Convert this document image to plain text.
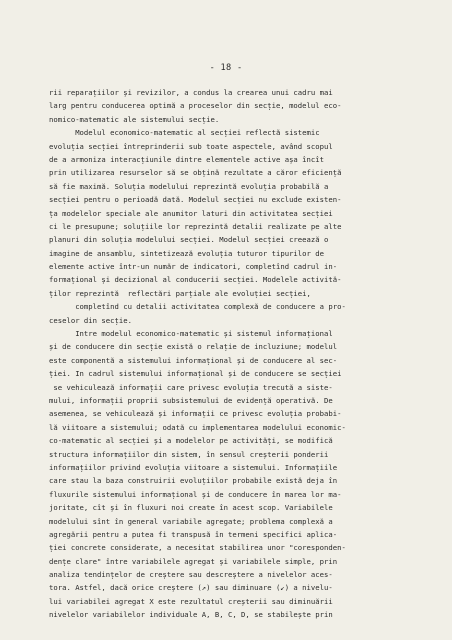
- 18 -
rii reparațiilor și revizilor, a condus la crearea unui cadru mai
larg pentru conducerea optimă a proceselor din secție, modelul eco-
nomico-matematic ale sistemului secție.
Modelul economico-matematic al secției reflectă sistemic
evoluția secției întreprinderii sub toate aspectele, având scopul
de a armoniza interacțiunile dintre elementele active așa încît
prin utilizarea resurselor să se obțină rezultate a căror eficiență
să fie maximă. Soluția modelului reprezintă evoluția probabilă a
secției pentru o perioadă dată. Modelul secției nu exclude existen-
ța modelelor speciale ale anumitor laturi din activitatea secției
ci le presupune; soluțiile lor reprezintă detalii realizate pe alte
planuri din soluția modelului secției. Modelul secției creează o
imagine de ansamblu, sintetizează evoluția tuturor tipurilor de
elemente active într-un număr de indicatori, completînd cadrul in-
formațional și decizional al conducerii secției. Modelele activită-
ților reprezintă  reflectări parțiale ale evoluției secției,
completînd cu detalii activitatea complexă de conducere a pro-
ceselor din secție.
Intre modelul economico-matematic și sistemul informațional
și de conducere din secție există o relație de incluziune; modelul
este componentă a sistemului informațional și de conducere al sec-
ției. In cadrul sistemului informațional și de conducere se secției
se vehiculează informații care privesc evoluția trecută a siste-
mului, informații proprii subsistemului de evidență operativă. De
asemenea, se vehiculează și informații ce privesc evoluția probabi-
lă viitoare a sistemului; odată cu implementarea modelului economic-
co-matematic al secției și a modelelor pe activități, se modifică
structura informațiilor din sistem, în sensul creșterii ponderii
informațiilor privind evoluția viitoare a sistemului. Informațiile
care stau la baza construirii evoluțiilor probabile există deja în
fluxurile sistemului informațional și de conducere în marea lor ma-
joritate, cît și în fluxuri noi create în acest scop. Variabilele
modelului sînt în general variabile agregate; problema complexă a
agregării pentru a putea fi transpusă în termeni specifici aplica-
ției concrete considerate, a necesitat stabilirea unor "coresponden-
dențe clare" între variabilele agregat și variabilele simple, prin
analiza tendințelor de creștere sau descreștere a nivelelor aces-
tora. Astfel, dacă orice creștere (↗) sau diminuare (↙) a nivelu-
lui variabilei agregat X este rezultatul creșterii sau diminuării
nivelelor variabilelor individuale A, B, C, D, se stabilește prin
